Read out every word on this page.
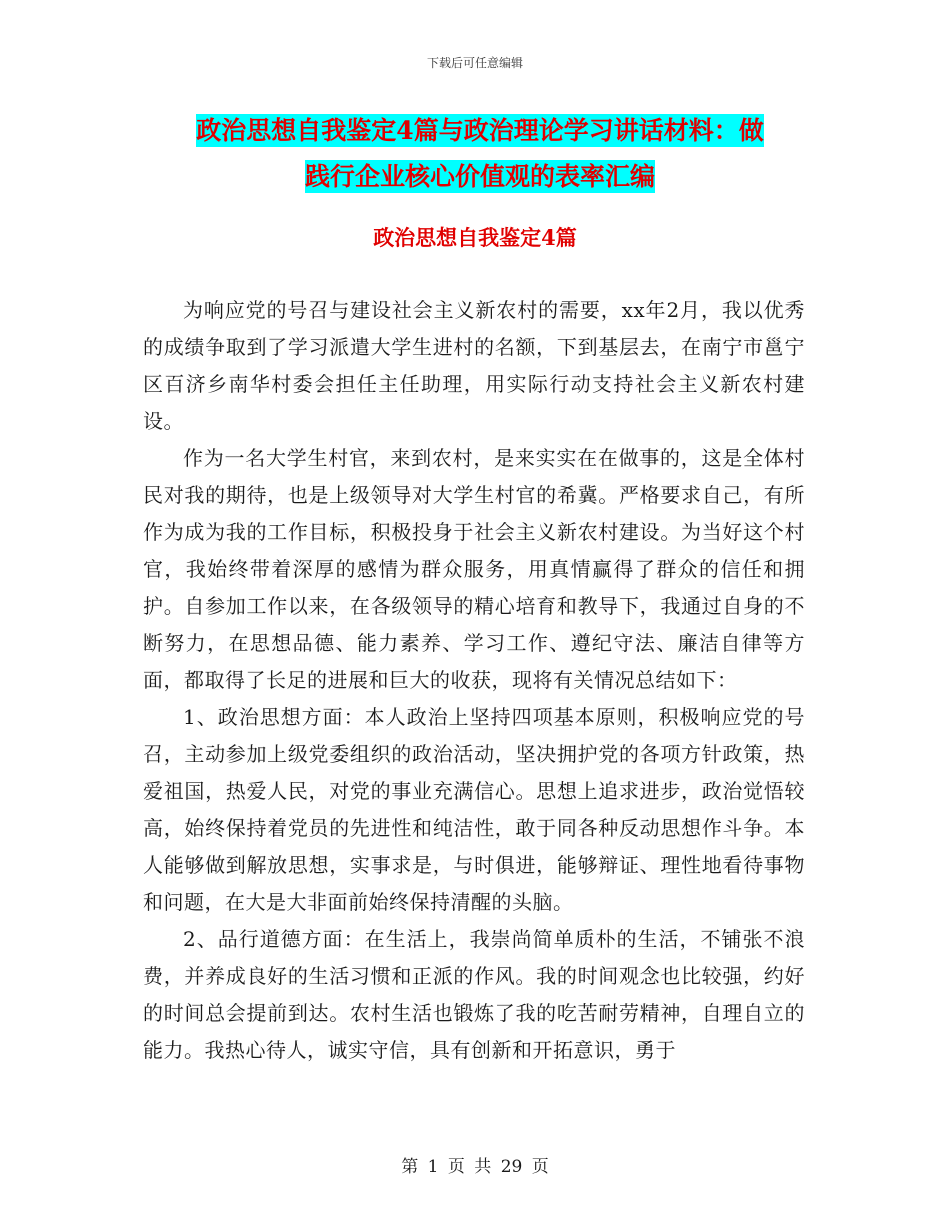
下载后可任意编辑
政治思想自我鉴定4篇与政治理论学习讲话材料：做
践行企业核心价值观的表率汇编
政治思想自我鉴定4篇

为响应党的号召与建设社会主义新农村的需要，xx年2月，我以优秀的成绩争取到了学习派遣大学生进村的名额，下到基层去，在南宁市邕宁区百济乡南华村委会担任主任助理，用实际行动支持社会主义新农村建设。

作为一名大学生村官，来到农村，是来实实在在做事的，这是全体村民对我的期待，也是上级领导对大学生村官的希冀。严格要求自己，有所作为成为我的工作目标，积极投身于社会主义新农村建设。为当好这个村官，我始终带着深厚的感情为群众服务，用真情赢得了群众的信任和拥护。自参加工作以来，在各级领导的精心培育和教导下，我通过自身的不断努力，在思想品德、能力素养、学习工作、遵纪守法、廉洁自律等方面，都取得了长足的进展和巨大的收获，现将有关情况总结如下：

1、政治思想方面：本人政治上坚持四项基本原则，积极响应党的号召，主动参加上级党委组织的政治活动，坚决拥护党的各项方针政策，热爱祖国，热爱人民，对党的事业充满信心。思想上追求进步，政治觉悟较高，始终保持着党员的先进性和纯洁性，敢于同各种反动思想作斗争。本人能够做到解放思想，实事求是，与时俱进，能够辩证、理性地看待事物和问题，在大是大非面前始终保持清醒的头脑。

2、品行道德方面：在生活上，我崇尚简单质朴的生活，不铺张不浪费，并养成良好的生活习惯和正派的作风。我的时间观念也比较强，约好的时间总会提前到达。农村生活也锻炼了我的吃苦耐劳精神，自理自立的能力。我热心待人，诚实守信，具有创新和开拓意识，勇于

第 1 页 共 29 页
